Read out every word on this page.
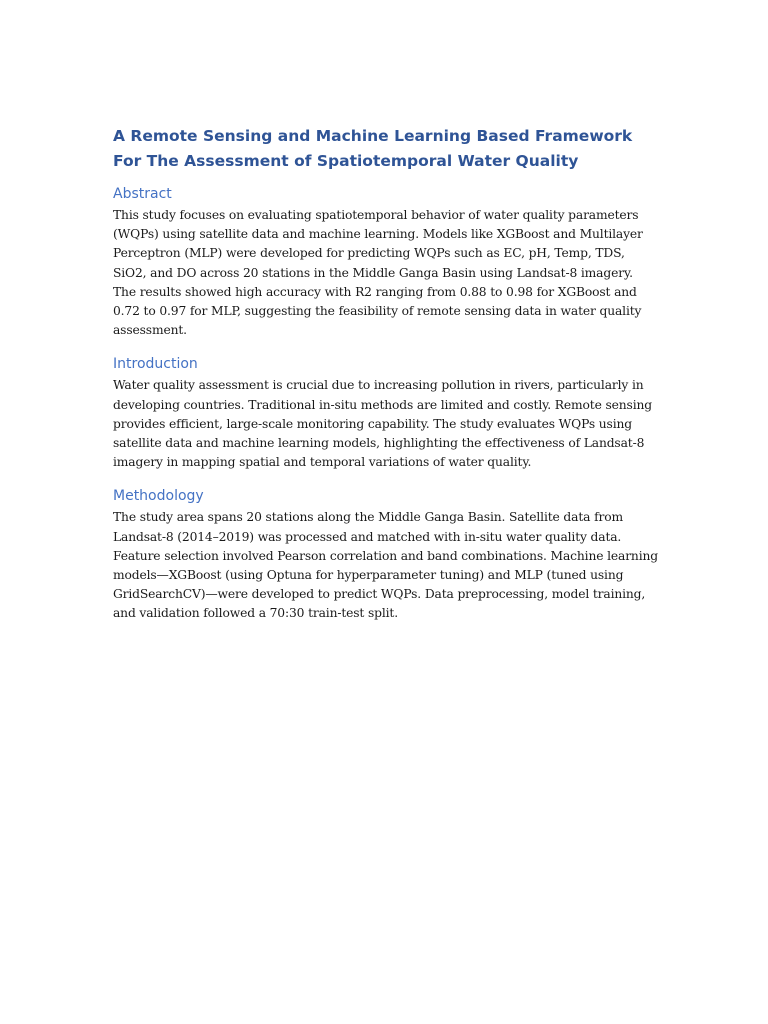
A Remote Sensing and Machine Learning Based Framework For The Assessment of Spatiotemporal Water Quality
Abstract

This study focuses on evaluating spatiotemporal behavior of water quality parameters (WQPs) using satellite data and machine learning. Models like XGBoost and Multilayer Perceptron (MLP) were developed for predicting WQPs such as EC, pH, Temp, TDS, SiO2, and DO across 20 stations in the Middle Ganga Basin using Landsat-8 imagery. The results showed high accuracy with R2 ranging from 0.88 to 0.98 for XGBoost and 0.72 to 0.97 for MLP, suggesting the feasibility of remote sensing data in water quality assessment.

Introduction

Water quality assessment is crucial due to increasing pollution in rivers, particularly in developing countries. Traditional in-situ methods are limited and costly. Remote sensing provides efficient, large-scale monitoring capability. The study evaluates WQPs using satellite data and machine learning models, highlighting the effectiveness of Landsat-8 imagery in mapping spatial and temporal variations of water quality.

Methodology

The study area spans 20 stations along the Middle Ganga Basin. Satellite data from Landsat-8 (2014–2019) was processed and matched with in-situ water quality data. Feature selection involved Pearson correlation and band combinations. Machine learning models—XGBoost (using Optuna for hyperparameter tuning) and MLP (tuned using GridSearchCV)—were developed to predict WQPs. Data preprocessing, model training, and validation followed a 70:30 train-test split.
